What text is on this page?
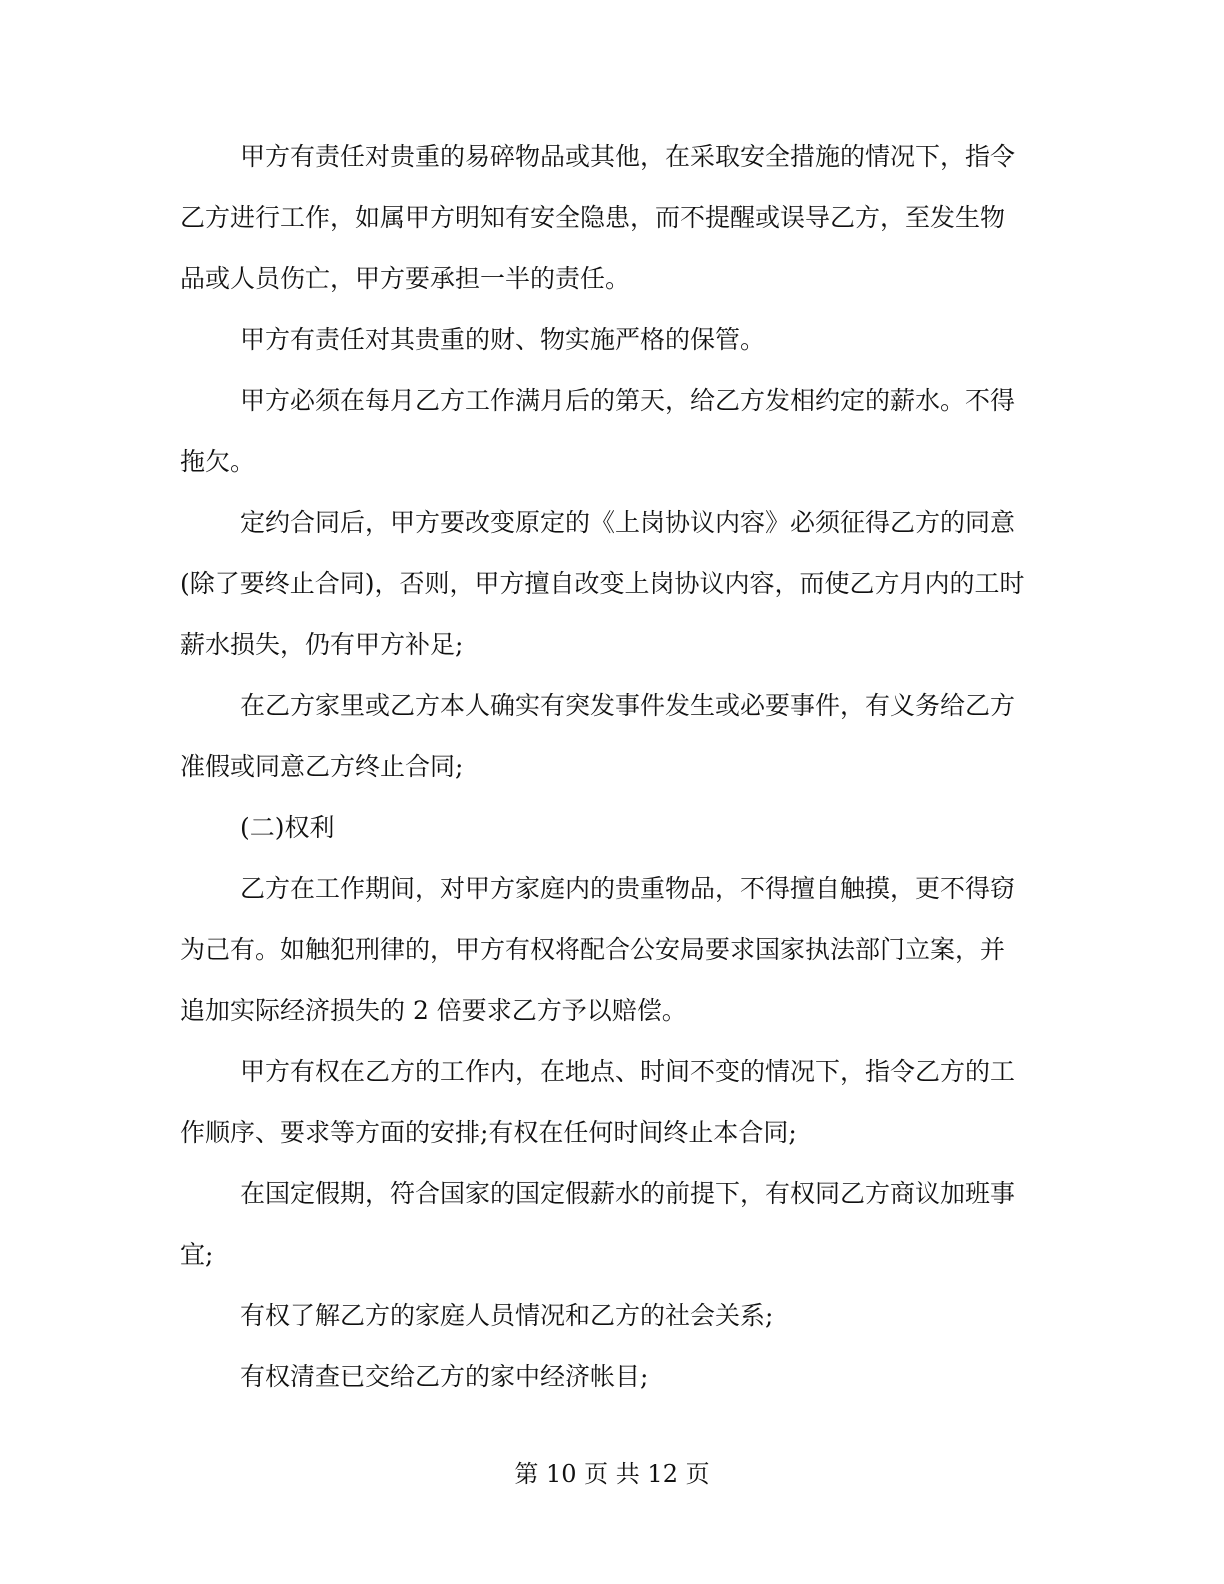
甲方有责任对贵重的易碎物品或其他，在采取安全措施的情况下，指令乙方进行工作，如属甲方明知有安全隐患，而不提醒或误导乙方，至发生物品或人员伤亡，甲方要承担一半的责任。

甲方有责任对其贵重的财、物实施严格的保管。

甲方必须在每月乙方工作满月后的第天，给乙方发相约定的薪水。不得拖欠。

定约合同后，甲方要改变原定的《上岗协议内容》必须征得乙方的同意(除了要终止合同)，否则，甲方擅自改变上岗协议内容，而使乙方月内的工时薪水损失，仍有甲方补足;

在乙方家里或乙方本人确实有突发事件发生或必要事件，有义务给乙方准假或同意乙方终止合同;

(二)权利

乙方在工作期间，对甲方家庭内的贵重物品，不得擅自触摸，更不得窃为己有。如触犯刑律的，甲方有权将配合公安局要求国家执法部门立案，并追加实际经济损失的 2 倍要求乙方予以赔偿。

甲方有权在乙方的工作内，在地点、时间不变的情况下，指令乙方的工作顺序、要求等方面的安排;有权在任何时间终止本合同;

在国定假期，符合国家的国定假薪水的前提下，有权同乙方商议加班事宜;

有权了解乙方的家庭人员情况和乙方的社会关系;

有权清查已交给乙方的家中经济帐目;

第 10 页 共 12 页
